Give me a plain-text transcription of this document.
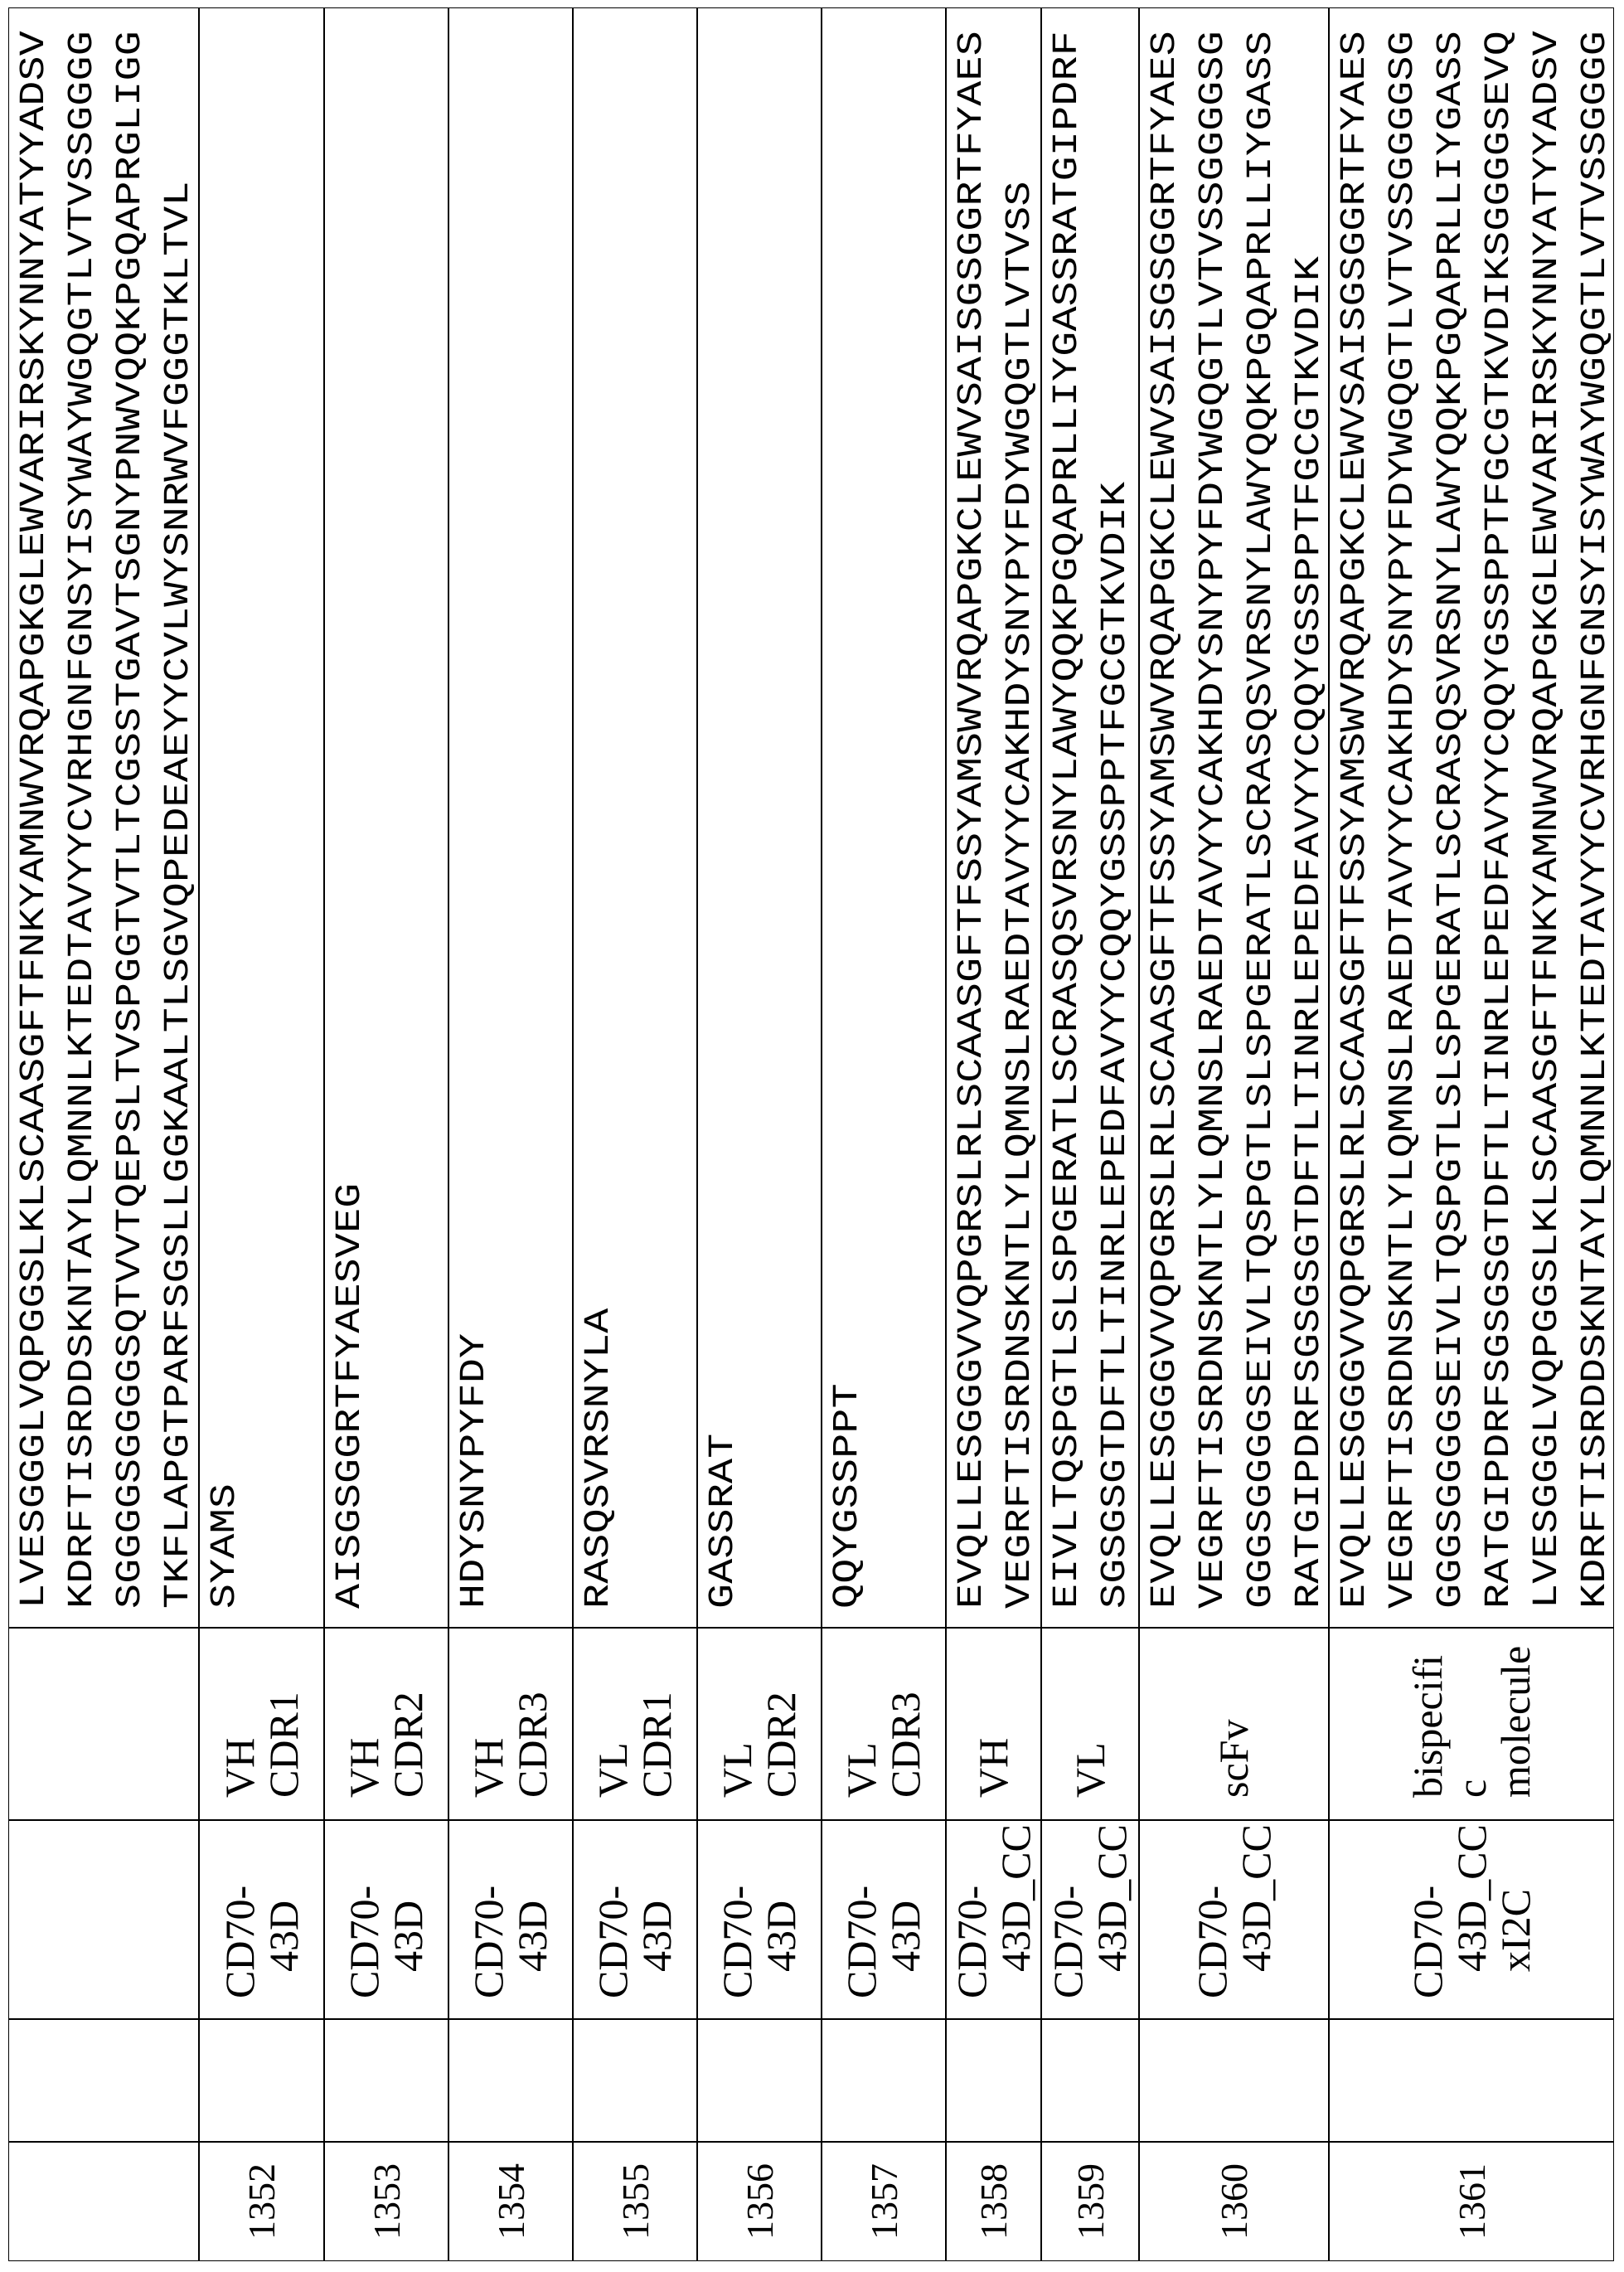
LVESGGGLVQPGGSLKLSCAASGFTFNKYAMNWVRQAPGKGLEWVARIRSKYNNYATYYADSV KDRFTISRDDSKNTAYLQMNNLKTEDTAVYYCVRHGNFGNSYISYWAYWGQGTLVTVSSGGGG SGGGGSGGGGSQTVVTQEPSLTVSPGGTVTLTCGSSTGAVTSGNYPNWVQQKPGQAPRGLIGG TKFLAPGTPARFSGSLLGGKAALTLSGVQPEDEAEYYCVLWYSNRWVFGGGTKLTVL
1352
CD70-
43D
VH
CDR1
SYAMS
1353
CD70-
43D
VH
CDR2
AISGSGGRTFYAESVEG
1354
CD70-
43D
VH
CDR3
HDYSNYPYFDY
1355
CD70-
43D
VL
CDR1
RASQSVRSNYLA
1356
CD70-
43D
VL
CDR2
GASSRAT
1357
CD70-
43D
VL
CDR3
QQYGSSPPT
1358
CD70-
43D_CC
VH
EVQLLESGGGVVQPGRSLRLSCAASGFTFSSYAMSWVRQAPGKCLEWVSAISGSGGRTFYAES VEGRFTISRDNSKNTLYLQMNSLRAEDTAVYYCAKHDYSNYPYFDYWGQGTLVTVSS
1359
CD70-
43D_CC
VL
EIVLTQSPGTLSLSPGERATLSCRASQSVRSNYLAWYQQKPGQAPRLLIYGASSRATGIPDRF SGSGSGTDFTLTINRLEPEDFAVYYCQQYGSSPPTFGCGTKVDIK
1360
CD70-
43D_CC
scFv
EVQLLESGGGVVQPGRSLRLSCAASGFTFSSYAMSWVRQAPGKCLEWVSAISGSGGRTFYAES VEGRFTISRDNSKNTLYLQMNSLRAEDTAVYYCAKHDYSNYPYFDYWGQGTLVTVSSGGGGSG GGGSGGGGSEIVLTQSPGTLSLSPGERATLSCRASQSVRSNYLAWYQQKPGQAPRLLIYGASS RATGIPDRFSGSGSGTDFTLTINRLEPEDFAVYYCQQYGSSPPTFGCGTKVDIK
1361
CD70-
43D_CC
xI2C
bispecifi
c
molecule
EVQLLESGGGVVQPGRSLRLSCAASGFTFSSYAMSWVRQAPGKCLEWVSAISGSGGRTFYAES VEGRFTISRDNSKNTLYLQMNSLRAEDTAVYYCAKHDYSNYPYFDYWGQGTLVTVSSGGGGSG GGGSGGGGSEIVLTQSPGTLSLSPGERATLSCRASQSVRSNYLAWYQQKPGQAPRLLIYGASS RATGIPDRFSGSGSGTDFTLTINRLEPEDFAVYYCQQYGSSPPTFGCGTKVDIKSGGGGSEVQ LVESGGGLVQPGGSLKLSCAASGFTFNKYAMNWVRQAPGKGLEWVARIRSKYNNYATYYADSV KDRFTISRDDSKNTAYLQMNNLKTEDTAVYYCVRHGNFGNSYISYWAYWGQGTLVTVSSGGGG
